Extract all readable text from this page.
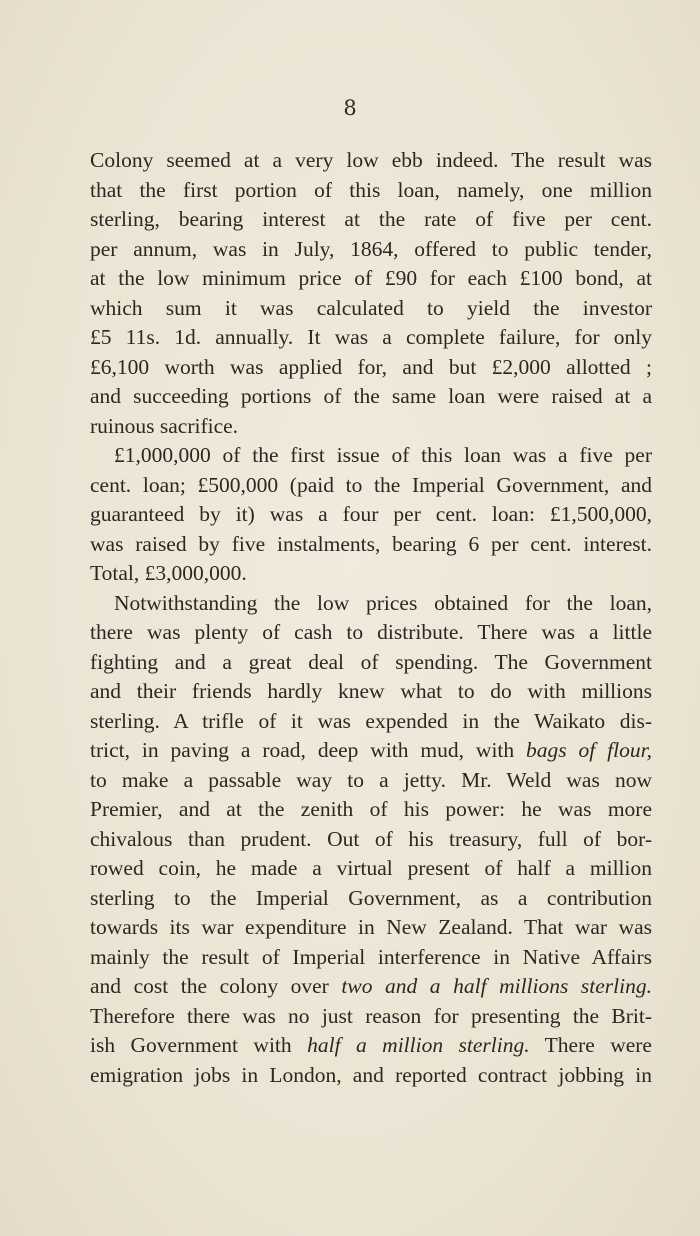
8
Colony seemed at a very low ebb indeed. The result was
that the first portion of this loan, namely, one million
sterling, bearing interest at the rate of five per cent.
per annum, was in July, 1864, offered to public tender,
at the low minimum price of £90 for each £100 bond, at
which sum it was calculated to yield the investor
£5 11s. 1d. annually. It was a complete failure, for only
£6,100 worth was applied for, and but £2,000 allotted ;
and succeeding portions of the same loan were raised at a
ruinous sacrifice.
£1,000,000 of the first issue of this loan was a five per
cent. loan; £500,000 (paid to the Imperial Government, and
guaranteed by it) was a four per cent. loan: £1,500,000,
was raised by five instalments, bearing 6 per cent. interest.
Total, £3,000,000.
Notwithstanding the low prices obtained for the loan,
there was plenty of cash to distribute. There was a little
fighting and a great deal of spending. The Government
and their friends hardly knew what to do with millions
sterling. A trifle of it was expended in the Waikato dis-
trict, in paving a road, deep with mud, with bags of flour,
to make a passable way to a jetty. Mr. Weld was now
Premier, and at the zenith of his power: he was more
chivalous than prudent. Out of his treasury, full of bor-
rowed coin, he made a virtual present of half a million
sterling to the Imperial Government, as a contribution
towards its war expenditure in New Zealand. That war was
mainly the result of Imperial interference in Native Affairs
and cost the colony over two and a half millions sterling.
Therefore there was no just reason for presenting the Brit-
ish Government with half a million sterling. There were
emigration jobs in London, and reported contract jobbing in
